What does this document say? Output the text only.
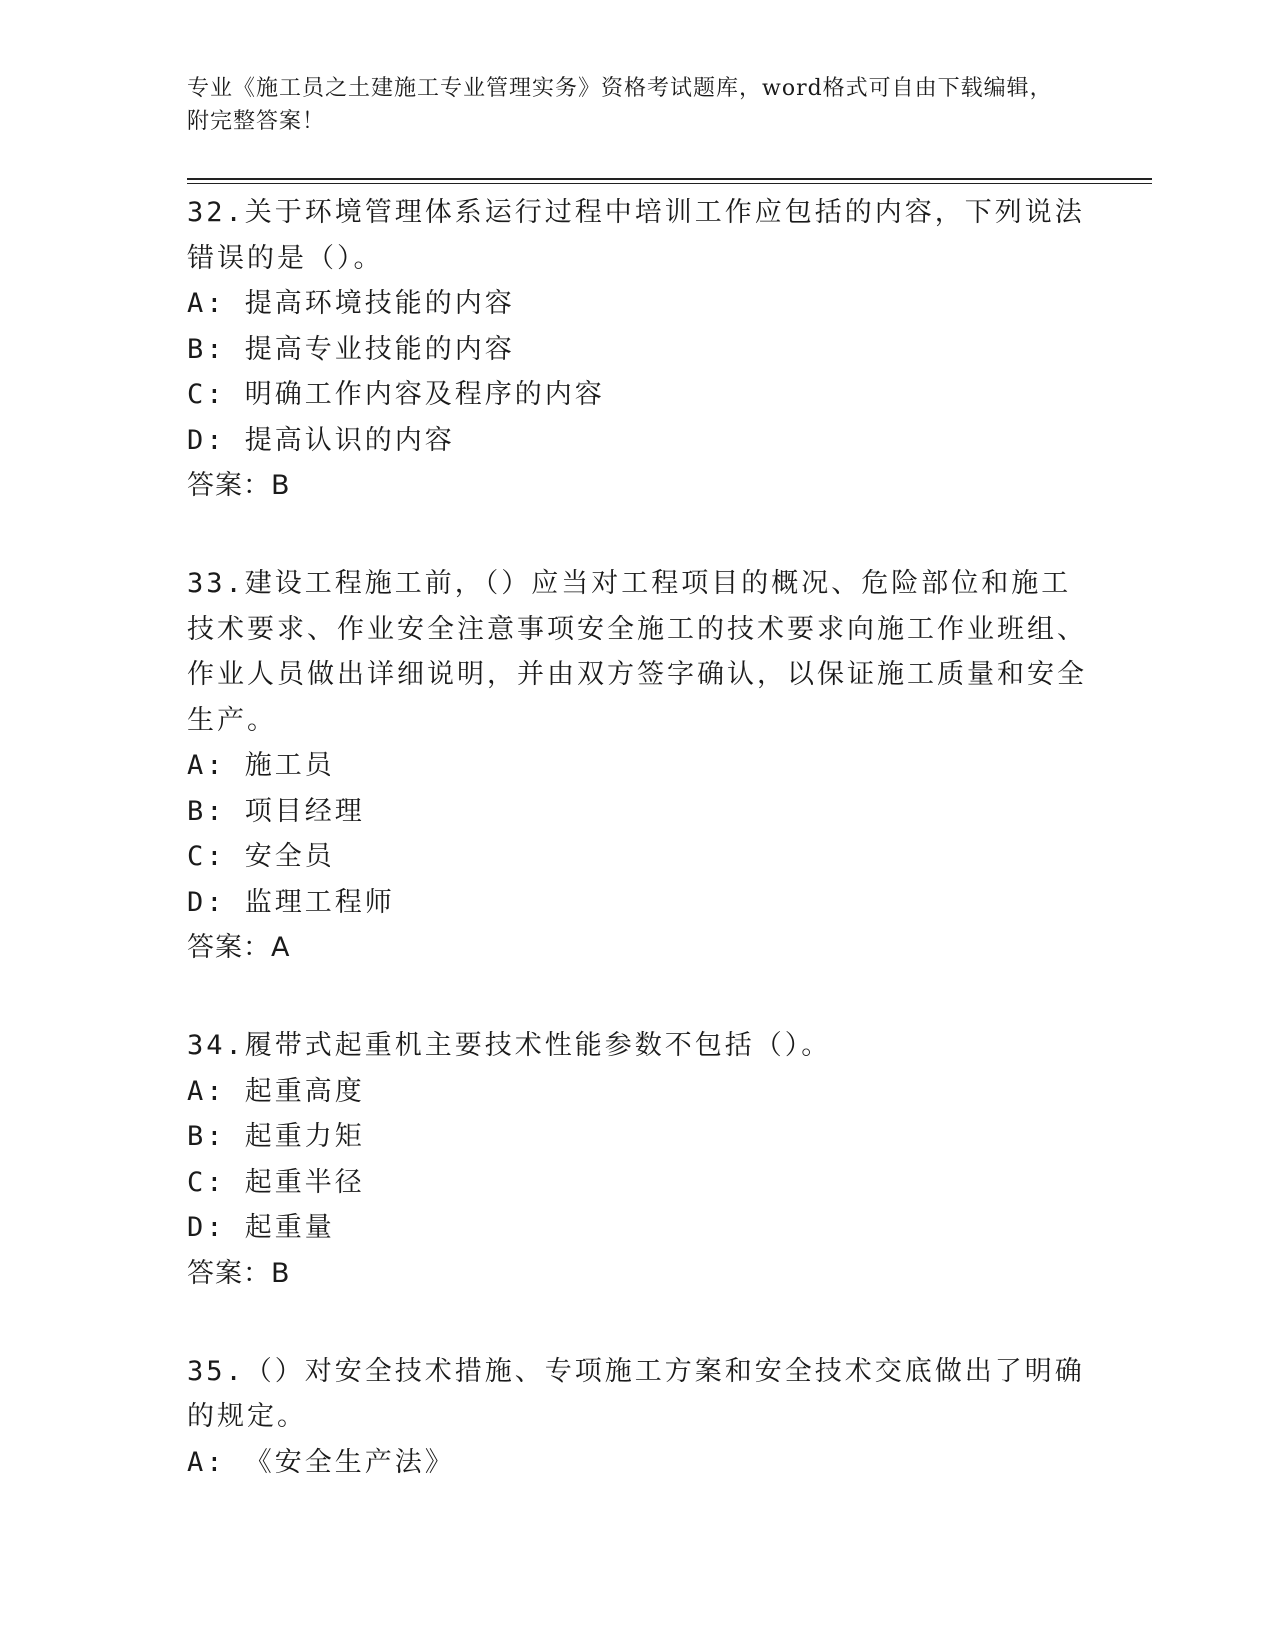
专业《施工员之土建施工专业管理实务》资格考试题库，word格式可自由下载编辑，附完整答案！
32.关于环境管理体系运行过程中培训工作应包括的内容，下列说法错误的是（）。
A: 提高环境技能的内容
B: 提高专业技能的内容
C: 明确工作内容及程序的内容
D: 提高认识的内容
答案：B
33.建设工程施工前，（）应当对工程项目的概况、危险部位和施工技术要求、作业安全注意事项安全施工的技术要求向施工作业班组、作业人员做出详细说明，并由双方签字确认，以保证施工质量和安全生产。
A: 施工员
B: 项目经理
C: 安全员
D: 监理工程师
答案：A
34.履带式起重机主要技术性能参数不包括（）。
A: 起重高度
B: 起重力矩
C: 起重半径
D: 起重量
答案：B
35.（）对安全技术措施、专项施工方案和安全技术交底做出了明确的规定。
A: 《安全生产法》
